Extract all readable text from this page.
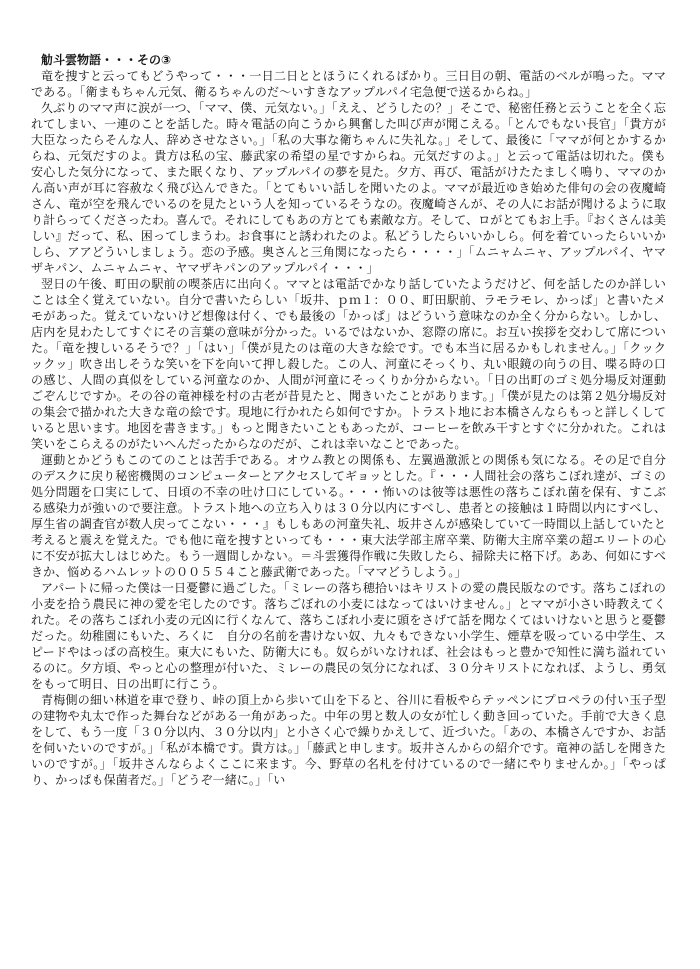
觔斗雲物語・・・その③

竜を捜すと云ってもどうやって・・・一日二日ととほうにくれるばかり。三日目の朝、電話のベルが鳴った。ママである。「衛まもちゃん元気、衛るちゃんのだ〜いすきなアップルパイ宅急便で送るからね。」

久ぶりのママ声に涙が一つ、「ママ、僕、元気ない。」「ええ、どうしたの？」そこで、秘密任務と云うことを全く忘れてしまい、一連のことを話した。時々電話の向こうから興奮した叫び声が聞こえる。「とんでもない長官」「貴方が大臣なったらそんな人、辞めさせなさい。」「私の大事な衛ちゃんに失礼な。」そして、最後に「ママが何とかするからね、元気だすのよ。貴方は私の宝、藤武家の希望の星ですからね。元気だすのよ。」と云って電話は切れた。僕も安心した気分になって、また眠くなり、アップルパイの夢を見た。夕方、再び、電話がけたたましく鳴り、ママのかん高い声が耳に容赦なく飛び込んできた。「とてもいい話しを聞いたのよ。ママが最近ゆき始めた俳句の会の夜魔崎さん、竜が空を飛んでいるのを見たという人を知っているそうなの。夜魔崎さんが、その人にお話が聞けるように取り計らってくださったわ。喜んで。それにしてもあの方とても素敵な方。そして、ロがとてもお上手。『おくさんは美しい』だって、私、困ってしまうわ。お食事にと誘われたのよ。私どうしたらいいかしら。何を着ていったらいいかしら、アアどういしましょう。恋の予感。奥さんと三角関になったら・・・・」「ムニャムニャ、アップルパイ、ヤマザキパン、ムニャムニャ、ヤマザキパンのアップルパイ・・・」

翌日の午後、町田の駅前の喫茶店に出向く。ママとは電話でかなり話していたようだけど、何を話したのか詳しいことは全く覚えていない。自分で書いたらしい「坂井、ｐｍ１：００、町田駅前、ラモラモレ、かっぱ」と書いたメモがあった。覚えていないけど想像は付く、でも最後の「かっぱ」はどういう意味なのか全く分からない。しかし、店内を見わたしてすぐにその言葉の意味が分かった。いるではないか、窓際の席に。お互い挨拶を交わして席についた。「竜を捜しいるそうで？」「はい」「僕が見たのは竜の大きな絵です。でも本当に居るかもしれません。」「クックックッ」吹き出しそうな笑いを下を向いて押し殺した。この人、河童にそっくり、丸い眼鏡の向うの目、喋る時の口の感じ、人間の真似をしている河童なのか、人間が河童にそっくりか分からない。「日の出町のゴミ処分場反対運動ごぞんじですか。その谷の竜神様を村の古老が昔見たと、聞きいたことがあります。」「僕が見たのは第２処分場反対の集会で描かれた大きな竜の絵です。現地に行かれたら如何ですか。トラスト地にお本橋さんならもっと詳しくしていると思います。地図を書きます。」もっと聞きたいこともあったが、コーヒーを飲み干すとすぐに分かれた。これは笑いをこらえるのがたいへんだったからなのだが、これは幸いなことであった。

運動とかどうもこのてのことは苦手である。オウム教との関係も、左翼過激派との関係も気になる。その足で自分のデスクに戻り秘密機関のコンピューターとアクセスしてギョッとした。『・・・人間社会の落ちこぼれ達が、ゴミの処分問題を口実にして、日頃の不幸の吐け口にしている。・・・怖いのは彼等は悪性の落ちこぼれ菌を保有、すこぶる感染力が強いので要注意。トラスト地への立ち入りは３０分以内にすべし、患者との接触は１時間以内にすべし、厚生省の調査官が数人戻ってこない・・・』もしもあの河童失礼、坂井さんが感染していて一時間以上話していたと考えると震えを覚えた。でも他に竜を捜すといっても・・・東大法学部主席卒業、防衛大主席卒業の超エリートの心に不安が拡大しはじめた。もう一週間しかない。＝斗雲獲得作戦に失敗したら、掃除夫に格下げ。ああ、何如にすべきか、悩めるハムレットの００５５４こと藤武衛であった。「ママどうしよう。」

アパートに帰った僕は一日憂鬱に過ごした。「ミレーの落ち穂拾いはキリストの愛の農民版なのです。落ちこぼれの小麦を拾う農民に神の愛を宅したのです。落ちごぼれの小麦にはなってはいけません。」とママが小さい時教えてくれた。その落ちこぼれ小麦の元凶に行くなんて、落ちこぼれ小麦に頭をさげて話を聞なくてはいけないと思うと憂鬱だった。幼稚園にもいた、ろくに　自分の名前を書けない奴、九々もできない小学生、煙草を吸っている中学生、スピードやはっぱの高校生。東大にもいた、防衛大にも。奴らがいなければ、社会はもっと豊かで知性に満ち溢れているのに。夕方頃、やっと心の整理が付いた、ミレーの農民の気分になれば、３０分キリストになれば、ようし、勇気をもって明日、日の出町に行こう。

青梅側の細い林道を車で登り、峠の頂上から歩いて山を下ると、谷川に看板やらテッペンにプロペラの付い玉子型の建物や丸太で作った舞台などがある一角があった。中年の男と数人の女が忙しく動き回っていた。手前で大きく息をして、もう一度「３０分以内、３０分以内」と小さく心で繰りかえして、近づいた。「あの、本橋さんですか、お話を伺いたいのですが。」「私が本橋です。貴方は。」「藤武と申します。坂井さんからの紹介です。竜神の話しを聞きたいのですが。」「坂井さんならよくここに来ます。今、野草の名札を付けているので一緒にやりませんか。」「やっぱり、かっぱも保菌者だ。」「どうぞ一緒に。」「い
